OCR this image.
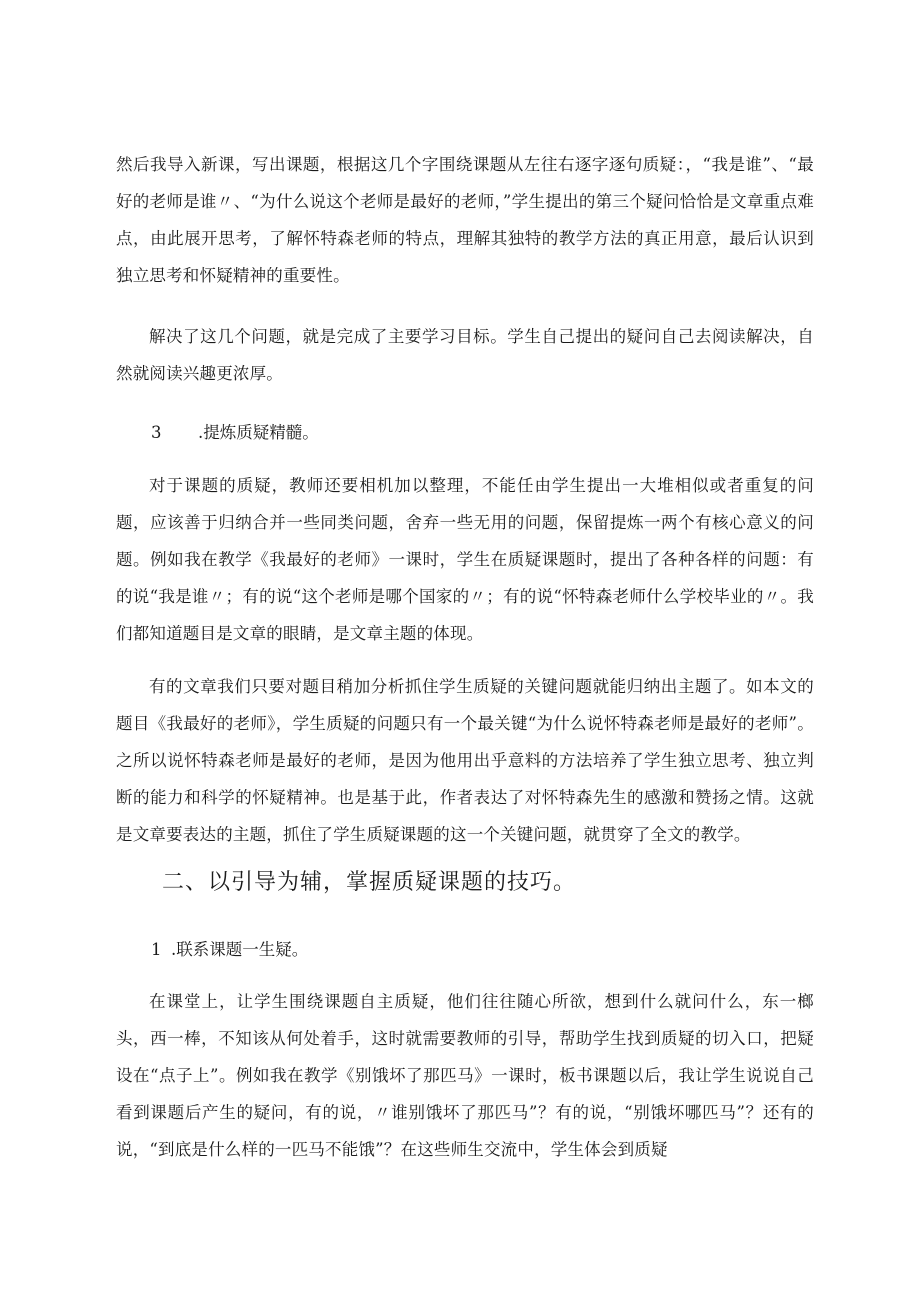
然后我导入新课，写出课题，根据这几个字围绕课题从左往右逐字逐句质疑：，“我是谁”、“最好的老师是谁〃、“为什么说这个老师是最好的老师，”学生提出的第三个疑问恰恰是文章重点难点，由此展开思考，了解怀特森老师的特点，理解其独特的教学方法的真正用意，最后认识到独立思考和怀疑精神的重要性。

解决了这几个问题，就是完成了主要学习目标。学生自己提出的疑问自己去阅读解决，自然就阅读兴趣更浓厚。

3 .提炼质疑精髓。

对于课题的质疑，教师还要相机加以整理，不能任由学生提出一大堆相似或者重复的问题，应该善于归纳合并一些同类问题，舍弃一些无用的问题，保留提炼一两个有核心意义的问题。例如我在教学《我最好的老师》一课时，学生在质疑课题时，提出了各种各样的问题：有的说“我是谁〃；有的说“这个老师是哪个国家的〃；有的说“怀特森老师什么学校毕业的〃。我们都知道题目是文章的眼睛，是文章主题的体现。

有的文章我们只要对题目稍加分析抓住学生质疑的关键问题就能归纳出主题了。如本文的题目《我最好的老师》，学生质疑的问题只有一个最关键“为什么说怀特森老师是最好的老师”。之所以说怀特森老师是最好的老师，是因为他用出乎意料的方法培养了学生独立思考、独立判断的能力和科学的怀疑精神。也是基于此，作者表达了对怀特森先生的感激和赞扬之情。这就是文章要表达的主题，抓住了学生质疑课题的这一个关键问题，就贯穿了全文的教学。

二、以引导为辅，掌握质疑课题的技巧。
1 .联系课题一生疑。

在课堂上，让学生围绕课题自主质疑，他们往往随心所欲，想到什么就问什么，东一榔头，西一棒，不知该从何处着手，这时就需要教师的引导，帮助学生找到质疑的切入口，把疑设在“点子上”。例如我在教学《别饿坏了那匹马》一课时，板书课题以后，我让学生说说自己看到课题后产生的疑问，有的说，〃谁别饿坏了那匹马”？有的说，“别饿坏哪匹马”？还有的说，“到底是什么样的一匹马不能饿”？在这些师生交流中，学生体会到质疑
